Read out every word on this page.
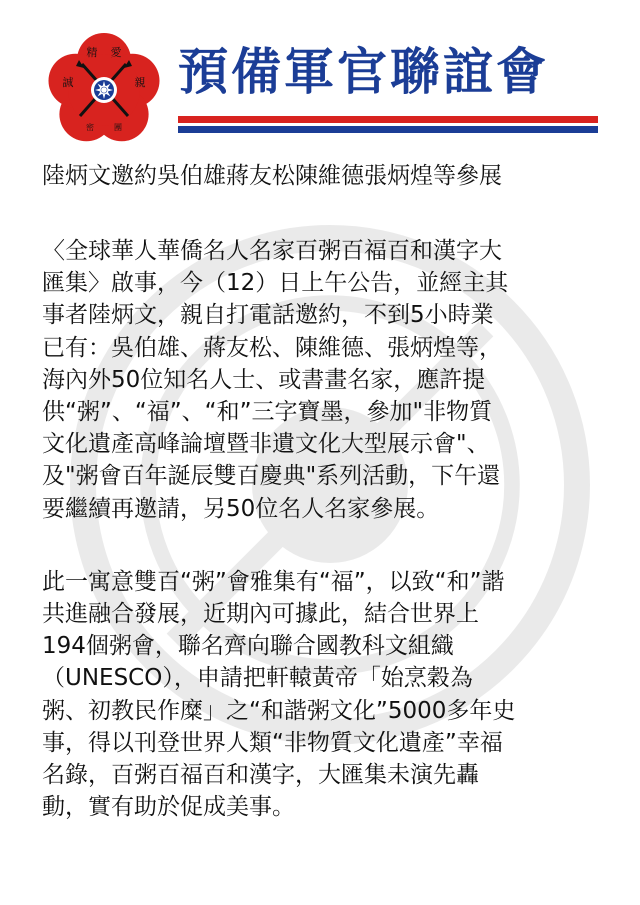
精 愛
誠	親
密	團
預備軍官聯誼會

陸炳文邀約吳伯雄蔣友松陳維德張炳煌等參展

〈全球華人華僑名人名家百粥百福百和漢字大
匯集〉啟事，今（12）日上午公告，並經主其
事者陸炳文，親自打電話邀約，不到5小時業
已有：吳伯雄、蔣友松、陳維德、張炳煌等，
海內外50位知名人士、或書畫名家，應許提
供“粥”、“福”、“和”三字寶墨，參加"非物質
文化遺產高峰論壇暨非遺文化大型展示會"、
及"粥會百年誕辰雙百慶典"系列活動，下午還
要繼續再邀請，另50位名人名家參展。

此一寓意雙百“粥”會雅集有“福”，以致“和”諧
共進融合發展，近期內可據此，結合世界上
194個粥會，聯名齊向聯合國教科文組織
（UNESCO），申請把軒轅黃帝「始烹穀為
粥、初教民作糜」之“和諧粥文化”5000多年史
事，得以刊登世界人類“非物質文化遺產”幸福
名錄，百粥百福百和漢字，大匯集未演先轟
動，實有助於促成美事。
